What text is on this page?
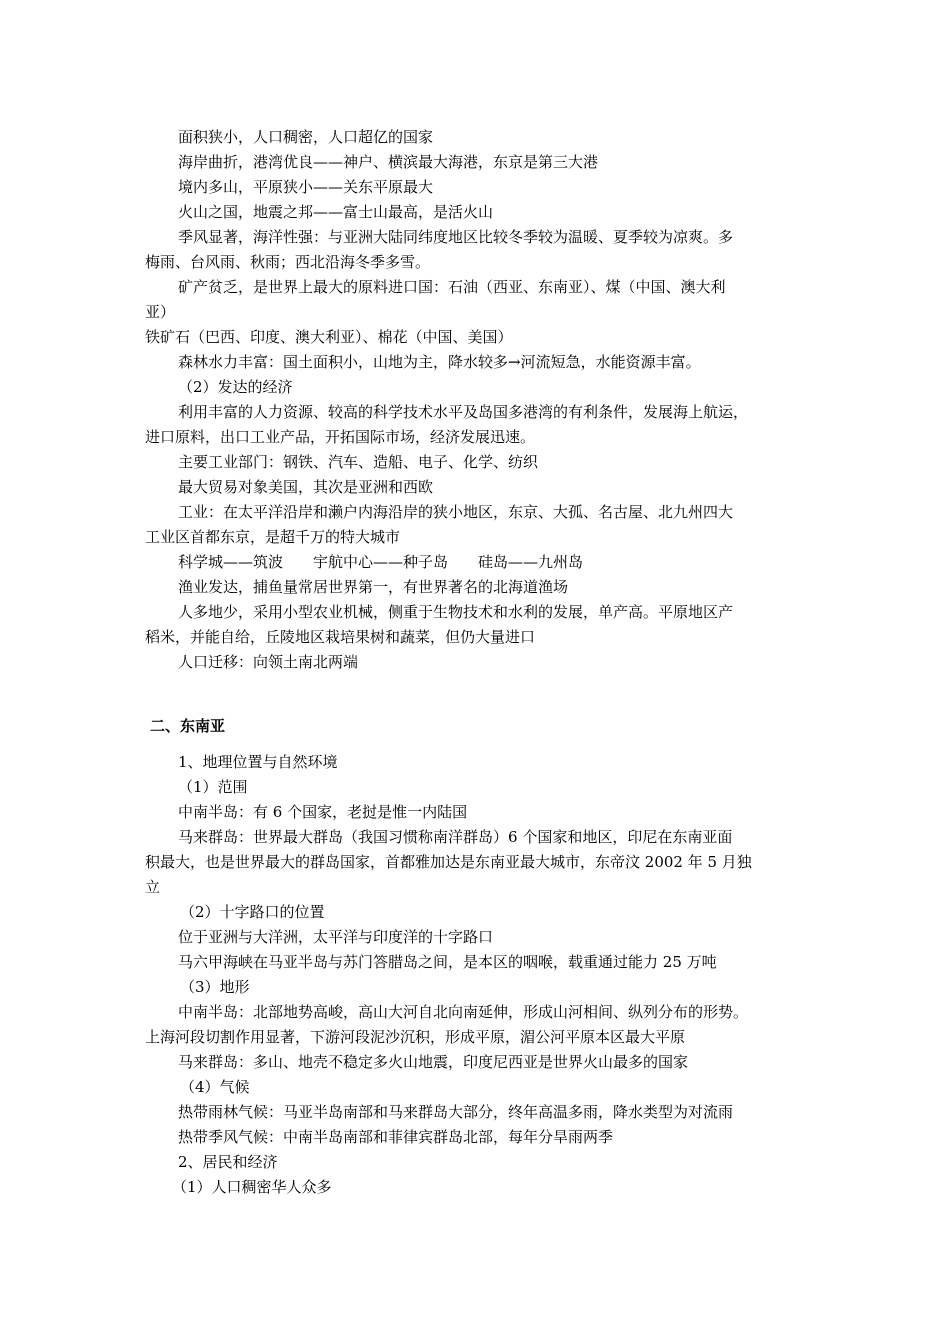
面积狭小，人口稠密，人口超亿的国家
海岸曲折，港湾优良——神户、横滨最大海港，东京是第三大港
境内多山，平原狭小——关东平原最大
火山之国，地震之邦——富士山最高，是活火山
季风显著，海洋性强：与亚洲大陆同纬度地区比较冬季较为温暖、夏季较为凉爽。多
梅雨、台风雨、秋雨；西北沿海冬季多雪。
矿产贫乏，是世界上最大的原料进口国：石油（西亚、东南亚）、煤（中国、澳大利
亚）
铁矿石（巴西、印度、澳大利亚）、棉花（中国、美国）
森林水力丰富：国土面积小，山地为主，降水较多→河流短急，水能资源丰富。
（2）发达的经济
利用丰富的人力资源、较高的科学技术水平及岛国多港湾的有利条件，发展海上航运，
进口原料，出口工业产品，开拓国际市场，经济发展迅速。
主要工业部门：钢铁、汽车、造船、电子、化学、纺织
最大贸易对象美国，其次是亚洲和西欧
工业：在太平洋沿岸和濑户内海沿岸的狭小地区，东京、大孤、名古屋、北九州四大
工业区首都东京，是超千万的特大城市
科学城——筑波 宇航中心——种子岛 硅岛——九州岛
渔业发达，捕鱼量常居世界第一，有世界著名的北海道渔场
人多地少，采用小型农业机械，侧重于生物技术和水利的发展，单产高。平原地区产
稻米，并能自给，丘陵地区栽培果树和蔬菜，但仍大量进口
人口迁移：向领土南北两端
二、东南亚
1、地理位置与自然环境
（1）范围
中南半岛：有 6 个国家，老挝是惟一内陆国
马来群岛：世界最大群岛（我国习惯称南洋群岛）6 个国家和地区，印尼在东南亚面
积最大，也是世界最大的群岛国家，首都雅加达是东南亚最大城市，东帝汶 2002 年 5 月独
立
（2）十字路口的位置
位于亚洲与大洋洲，太平洋与印度洋的十字路口
马六甲海峡在马亚半岛与苏门答腊岛之间，是本区的咽喉，载重通过能力 25 万吨
（3）地形
中南半岛：北部地势高峻，高山大河自北向南延伸，形成山河相间、纵列分布的形势。
上海河段切割作用显著，下游河段泥沙沉积，形成平原，湄公河平原本区最大平原
马来群岛：多山、地壳不稳定多火山地震，印度尼西亚是世界火山最多的国家
（4）气候
热带雨林气候：马亚半岛南部和马来群岛大部分，终年高温多雨，降水类型为对流雨
热带季风气候：中南半岛南部和菲律宾群岛北部，每年分旱雨两季
2、居民和经济
（1）人口稠密华人众多
